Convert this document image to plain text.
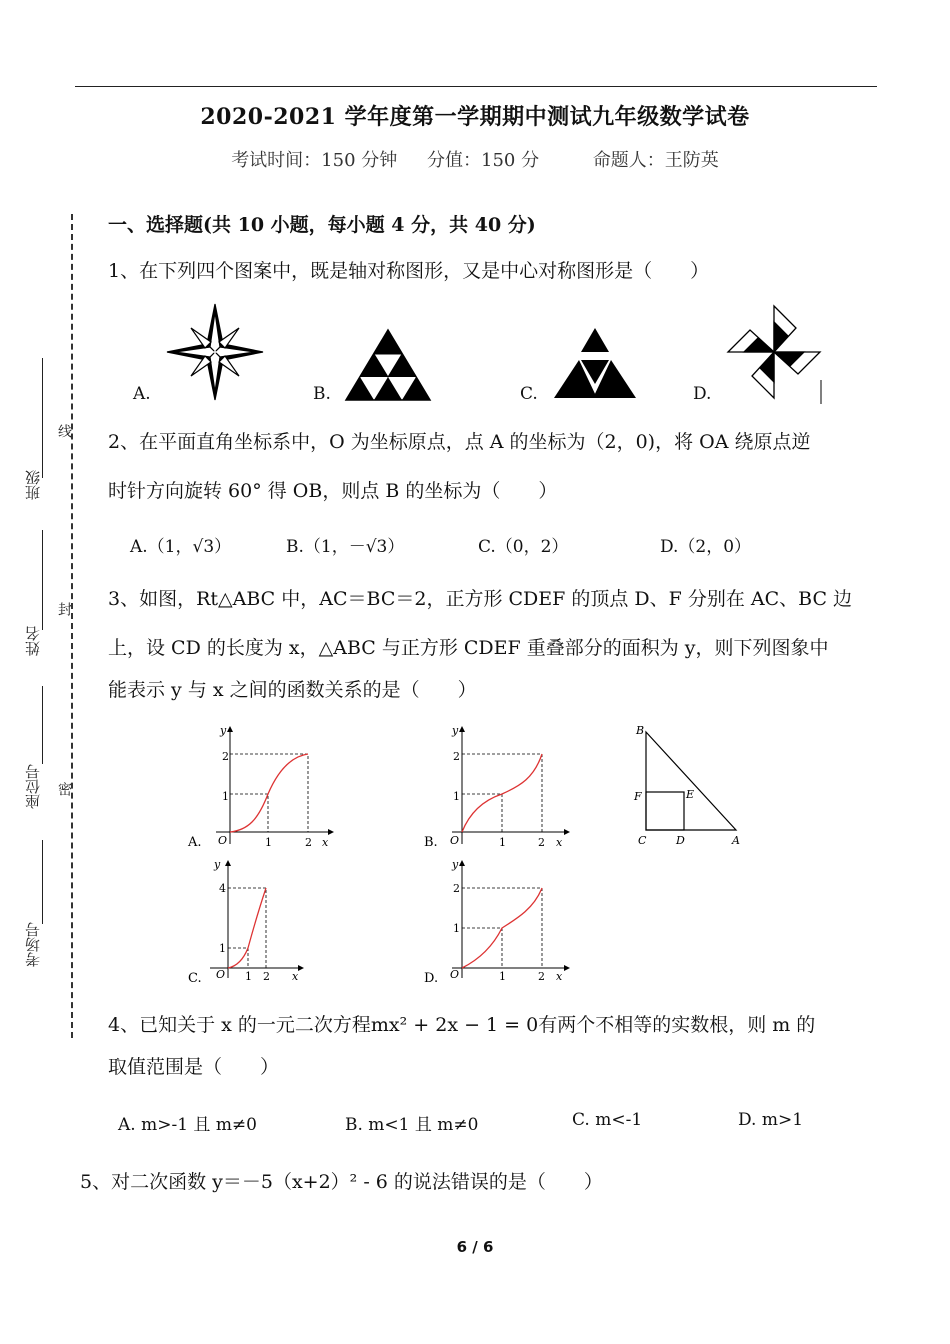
2020-2021 学年度第一学期期中测试九年级数学试卷
考试时间：150 分钟 分值：150 分	命题人：王防英
班级
姓名
座位号
考场号
线
封
密
一、选择题(共 10 小题，每小题 4 分，共 40 分)
1、在下列四个图案中，既是轴对称图形，又是中心对称图形是（　　）
A.	B.	C.	D.
2、在平面直角坐标系中，O 为坐标原点，点 A 的坐标为（2，0)，将 OA 绕原点逆
时针方向旋转 60° 得 OB，则点 B 的坐标为（　　）
A.（1，√3）	B.（1，－√3）	C.（0，2）	D.（2，0）
3、如图，Rt△ABC 中，AC＝BC＝2，正方形 CDEF 的顶点 D、F 分别在 AC、BC 边
上，设 CD 的长度为 x，△ABC 与正方形 CDEF 重叠部分的面积为 y，则下列图象中
能表示 y 与 x 之间的函数关系的是（　　）
2
1
1	2
O	x
y
A.
2
1
1	2
O	x
y
B.
B
F	E
C	D	A
4
1
1 2
O	x
y
C.
2
1
1	2
O	x
y
D.
4、已知关于 x 的一元二次方程mx² + 2x − 1 = 0有两个不相等的实数根，则 m 的
取值范围是（　　）
A. m>-1 且 m≠0	B. m<1 且 m≠0	C. m<-1	D. m>1
5、对二次函数 y＝－5（x+2）² - 6 的说法错误的是（　　）
6 / 6
